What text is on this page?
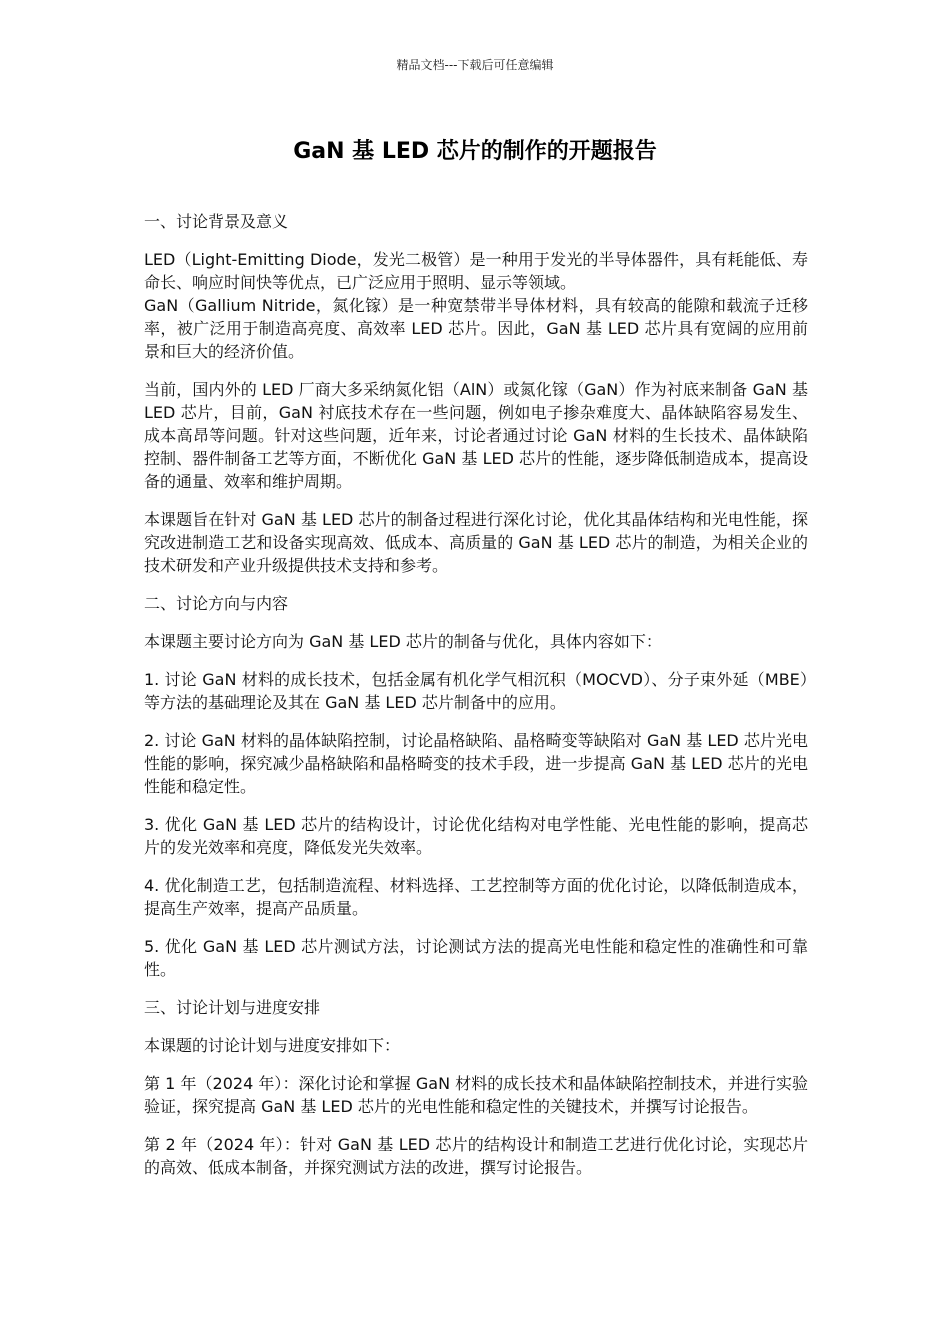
精品文档---下载后可任意编辑
GaN 基 LED 芯片的制作的开题报告

一、讨论背景及意义

LED（Light-Emitting Diode，发光二极管）是一种用于发光的半导体器件，具有耗能低、寿命长、响应时间快等优点，已广泛应用于照明、显示等领域。

GaN（Gallium Nitride，氮化镓）是一种宽禁带半导体材料，具有较高的能隙和载流子迁移率，被广泛用于制造高亮度、高效率 LED 芯片。因此，GaN 基 LED 芯片具有宽阔的应用前景和巨大的经济价值。

当前，国内外的 LED 厂商大多采纳氮化铝（AlN）或氮化镓（GaN）作为衬底来制备 GaN 基 LED 芯片，目前，GaN 衬底技术存在一些问题，例如电子掺杂难度大、晶体缺陷容易发生、成本高昂等问题。针对这些问题，近年来，讨论者通过讨论 GaN 材料的生长技术、晶体缺陷控制、器件制备工艺等方面，不断优化 GaN 基 LED 芯片的性能，逐步降低制造成本，提高设备的通量、效率和维护周期。

本课题旨在针对 GaN 基 LED 芯片的制备过程进行深化讨论，优化其晶体结构和光电性能，探究改进制造工艺和设备实现高效、低成本、高质量的 GaN 基 LED 芯片的制造，为相关企业的技术研发和产业升级提供技术支持和参考。

二、讨论方向与内容

本课题主要讨论方向为 GaN 基 LED 芯片的制备与优化，具体内容如下：

1. 讨论 GaN 材料的成长技术，包括金属有机化学气相沉积（MOCVD）、分子束外延（MBE）等方法的基础理论及其在 GaN 基 LED 芯片制备中的应用。

2. 讨论 GaN 材料的晶体缺陷控制，讨论晶格缺陷、晶格畸变等缺陷对 GaN 基 LED 芯片光电性能的影响，探究减少晶格缺陷和晶格畸变的技术手段，进一步提高 GaN 基 LED 芯片的光电性能和稳定性。

3. 优化 GaN 基 LED 芯片的结构设计，讨论优化结构对电学性能、光电性能的影响，提高芯片的发光效率和亮度，降低发光失效率。

4. 优化制造工艺，包括制造流程、材料选择、工艺控制等方面的优化讨论，以降低制造成本，提高生产效率，提高产品质量。

5. 优化 GaN 基 LED 芯片测试方法，讨论测试方法的提高光电性能和稳定性的准确性和可靠性。

三、讨论计划与进度安排

本课题的讨论计划与进度安排如下：

第 1 年（2024 年）：深化讨论和掌握 GaN 材料的成长技术和晶体缺陷控制技术，并进行实验验证，探究提高 GaN 基 LED 芯片的光电性能和稳定性的关键技术，并撰写讨论报告。

第 2 年（2024 年）：针对 GaN 基 LED 芯片的结构设计和制造工艺进行优化讨论，实现芯片的高效、低成本制备，并探究测试方法的改进，撰写讨论报告。
